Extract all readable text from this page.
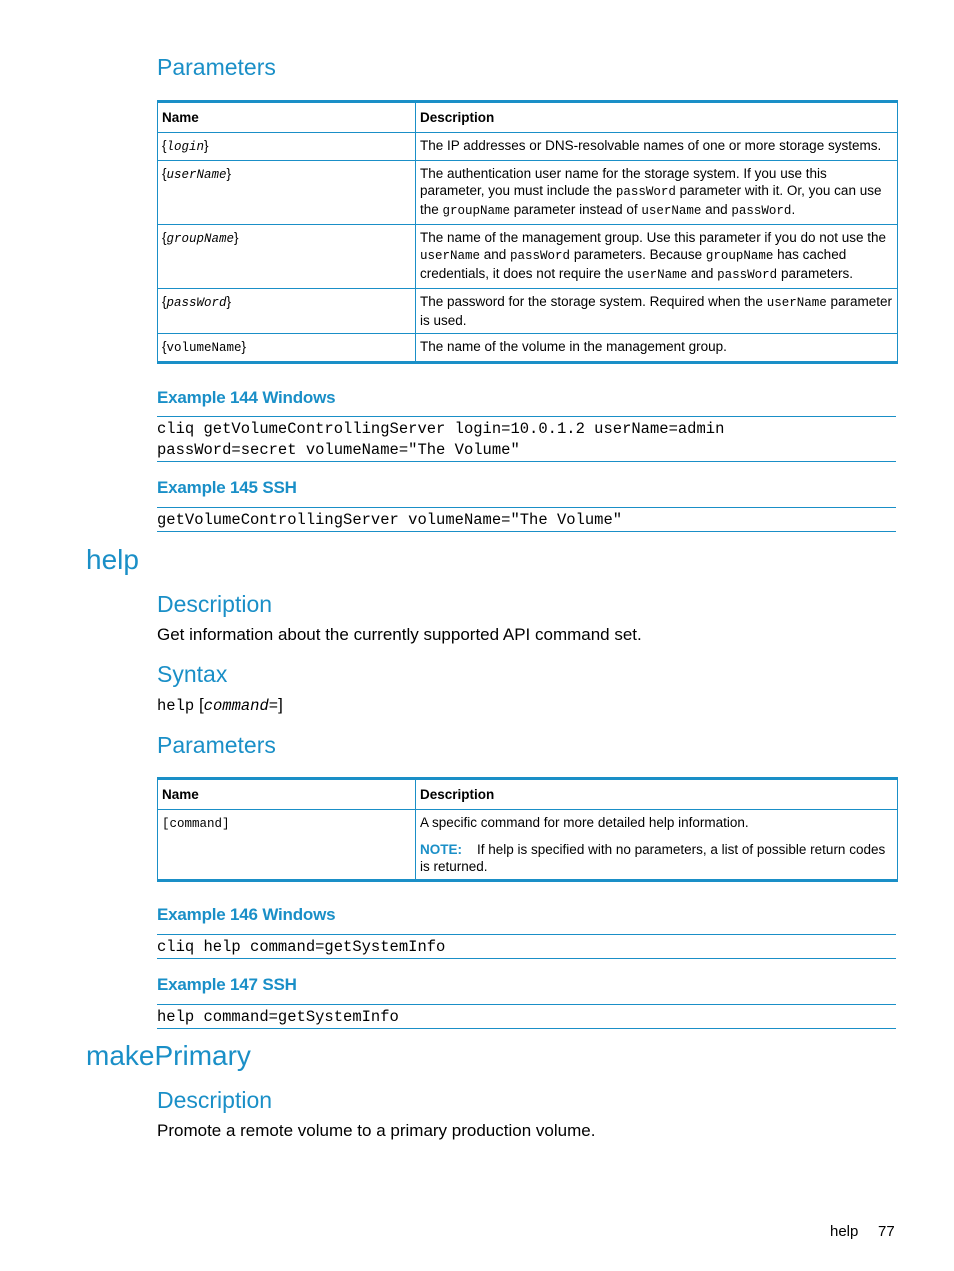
Parameters
Name	Description
{login}	The IP addresses or DNS-resolvable names of one or more storage systems.
{userName}	The authentication user name for the storage system. If you use this parameter, you must include the passWord parameter with it. Or, you can use the groupName parameter instead of userName and passWord.
{groupName}	The name of the management group. Use this parameter if you do not use the userName and passWord parameters. Because groupName has cached credentials, it does not require the userName and passWord parameters.
{passWord}	The password for the storage system. Required when the userName parameter is used.
{volumeName}	The name of the volume in the management group.
Example 144 Windows
cliq getVolumeControllingServer login=10.0.1.2 userName=admin
passWord=secret volumeName="The Volume"
Example 145 SSH
getVolumeControllingServer volumeName="The Volume"
help
Description

Get information about the currently supported API command set.

Syntax

help [command=]

Parameters
Name	Description
[command]	A specific command for more detailed help information.
NOTE: If help is specified with no parameters, a list of possible return codes is returned.
Example 146 Windows
cliq help command=getSystemInfo
Example 147 SSH
help command=getSystemInfo
makePrimary
Description

Promote a remote volume to a primary production volume.

help 77
